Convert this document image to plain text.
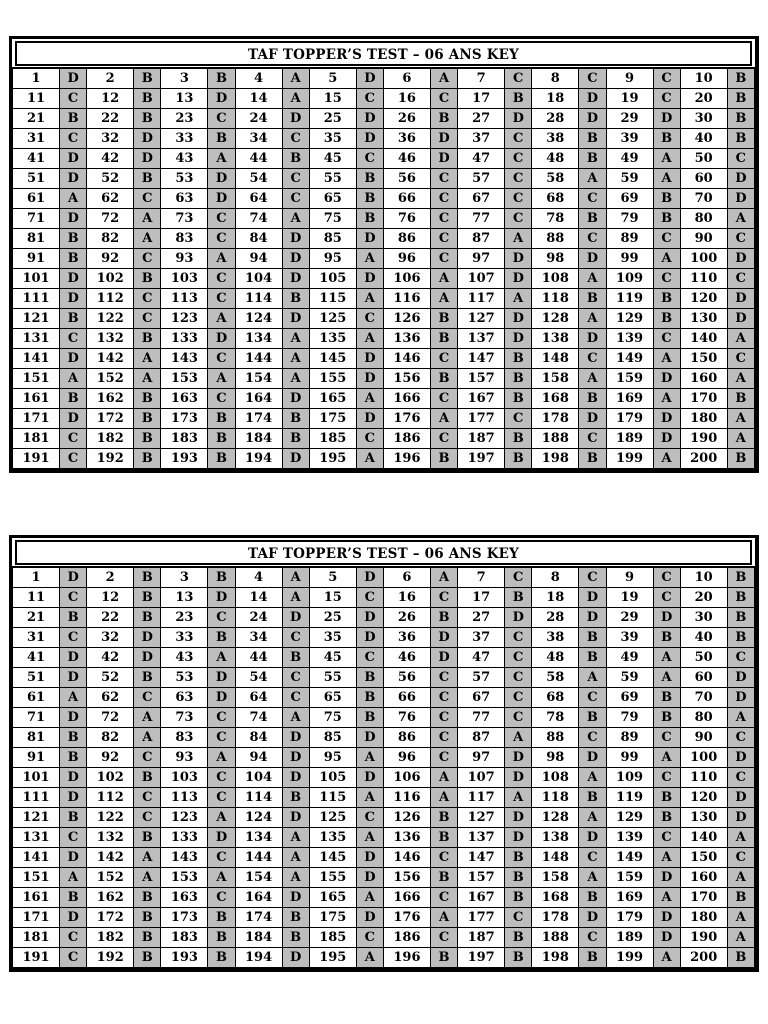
TAF TOPPER’S TEST – 06 ANS KEY
1	D	2	B	3	B	4	A	5	D	6	A	7	C	8	C	9	C	10	B
11	C	12	B	13	D	14	A	15	C	16	C	17	B	18	D	19	C	20	B
21	B	22	B	23	C	24	D	25	D	26	B	27	D	28	D	29	D	30	B
31	C	32	D	33	B	34	C	35	D	36	D	37	C	38	B	39	B	40	B
41	D	42	D	43	A	44	B	45	C	46	D	47	C	48	B	49	A	50	C
51	D	52	B	53	D	54	C	55	B	56	C	57	C	58	A	59	A	60	D
61	A	62	C	63	D	64	C	65	B	66	C	67	C	68	C	69	B	70	D
71	D	72	A	73	C	74	A	75	B	76	C	77	C	78	B	79	B	80	A
81	B	82	A	83	C	84	D	85	D	86	C	87	A	88	C	89	C	90	C
91	B	92	C	93	A	94	D	95	A	96	C	97	D	98	D	99	A	100	D
101	D	102	B	103	C	104	D	105	D	106	A	107	D	108	A	109	C	110	C
111	D	112	C	113	C	114	B	115	A	116	A	117	A	118	B	119	B	120	D
121	B	122	C	123	A	124	D	125	C	126	B	127	D	128	A	129	B	130	D
131	C	132	B	133	D	134	A	135	A	136	B	137	D	138	D	139	C	140	A
141	D	142	A	143	C	144	A	145	D	146	C	147	B	148	C	149	A	150	C
151	A	152	A	153	A	154	A	155	D	156	B	157	B	158	A	159	D	160	A
161	B	162	B	163	C	164	D	165	A	166	C	167	B	168	B	169	A	170	B
171	D	172	B	173	B	174	B	175	D	176	A	177	C	178	D	179	D	180	A
181	C	182	B	183	B	184	B	185	C	186	C	187	B	188	C	189	D	190	A
191	C	192	B	193	B	194	D	195	A	196	B	197	B	198	B	199	A	200	B
TAF TOPPER’S TEST – 06 ANS KEY
1	D	2	B	3	B	4	A	5	D	6	A	7	C	8	C	9	C	10	B
11	C	12	B	13	D	14	A	15	C	16	C	17	B	18	D	19	C	20	B
21	B	22	B	23	C	24	D	25	D	26	B	27	D	28	D	29	D	30	B
31	C	32	D	33	B	34	C	35	D	36	D	37	C	38	B	39	B	40	B
41	D	42	D	43	A	44	B	45	C	46	D	47	C	48	B	49	A	50	C
51	D	52	B	53	D	54	C	55	B	56	C	57	C	58	A	59	A	60	D
61	A	62	C	63	D	64	C	65	B	66	C	67	C	68	C	69	B	70	D
71	D	72	A	73	C	74	A	75	B	76	C	77	C	78	B	79	B	80	A
81	B	82	A	83	C	84	D	85	D	86	C	87	A	88	C	89	C	90	C
91	B	92	C	93	A	94	D	95	A	96	C	97	D	98	D	99	A	100	D
101	D	102	B	103	C	104	D	105	D	106	A	107	D	108	A	109	C	110	C
111	D	112	C	113	C	114	B	115	A	116	A	117	A	118	B	119	B	120	D
121	B	122	C	123	A	124	D	125	C	126	B	127	D	128	A	129	B	130	D
131	C	132	B	133	D	134	A	135	A	136	B	137	D	138	D	139	C	140	A
141	D	142	A	143	C	144	A	145	D	146	C	147	B	148	C	149	A	150	C
151	A	152	A	153	A	154	A	155	D	156	B	157	B	158	A	159	D	160	A
161	B	162	B	163	C	164	D	165	A	166	C	167	B	168	B	169	A	170	B
171	D	172	B	173	B	174	B	175	D	176	A	177	C	178	D	179	D	180	A
181	C	182	B	183	B	184	B	185	C	186	C	187	B	188	C	189	D	190	A
191	C	192	B	193	B	194	D	195	A	196	B	197	B	198	B	199	A	200	B
